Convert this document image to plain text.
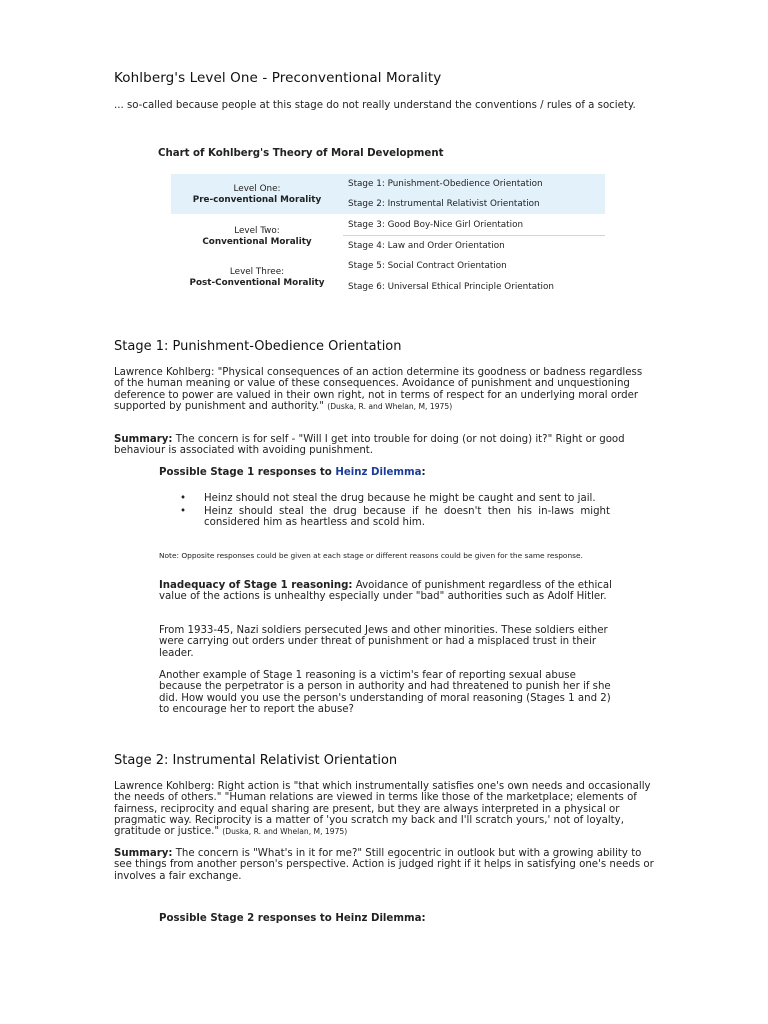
Kohlberg's Level One - Preconventional Morality

... so-called because people at this stage do not really understand the conventions / rules of a society.

Chart of Kohlberg's Theory of Moral Development

Level One:
Pre-conventional Morality
Level Two:
Conventional Morality
Level Three:
Post-Conventional Morality
Stage 1: Punishment-Obedience Orientation
Stage 2: Instrumental Relativist Orientation
Stage 3: Good Boy-Nice Girl Orientation
Stage 4: Law and Order Orientation
Stage 5: Social Contract Orientation
Stage 6: Universal Ethical Principle Orientation
Stage 1: Punishment-Obedience Orientation

Lawrence Kohlberg: "Physical consequences of an action determine its goodness or badness regardless of the human meaning or value of these consequences. Avoidance of punishment and unquestioning deference to power are valued in their own right, not in terms of respect for an underlying moral order supported by punishment and authority." (Duska, R. and Whelan, M, 1975)

Summary: The concern is for self - "Will I get into trouble for doing (or not doing) it?" Right or good behaviour is associated with avoiding punishment.

Possible Stage 1 responses to Heinz Dilemma:

• Heinz should not steal the drug because he might be caught and sent to jail.
• Heinz should steal the drug because if he doesn't then his in-laws might considered him as heartless and scold him.

Note: Opposite responses could be given at each stage or different reasons could be given for the same response.

Inadequacy of Stage 1 reasoning: Avoidance of punishment regardless of the ethical value of the actions is unhealthy especially under "bad" authorities such as Adolf Hitler.

From 1933-45, Nazi soldiers persecuted Jews and other minorities. These soldiers either were carrying out orders under threat of punishment or had a misplaced trust in their leader.

Another example of Stage 1 reasoning is a victim's fear of reporting sexual abuse because the perpetrator is a person in authority and had threatened to punish her if she did. How would you use the person's understanding of moral reasoning (Stages 1 and 2) to encourage her to report the abuse?

Stage 2: Instrumental Relativist Orientation

Lawrence Kohlberg: Right action is "that which instrumentally satisfies one's own needs and occasionally the needs of others." "Human relations are viewed in terms like those of the marketplace; elements of fairness, reciprocity and equal sharing are present, but they are always interpreted in a physical or pragmatic way. Reciprocity is a matter of 'you scratch my back and I'll scratch yours,' not of loyalty, gratitude or justice." (Duska, R. and Whelan, M, 1975)

Summary: The concern is "What's in it for me?" Still egocentric in outlook but with a growing ability to see things from another person's perspective. Action is judged right if it helps in satisfying one's needs or involves a fair exchange.

Possible Stage 2 responses to Heinz Dilemma:
